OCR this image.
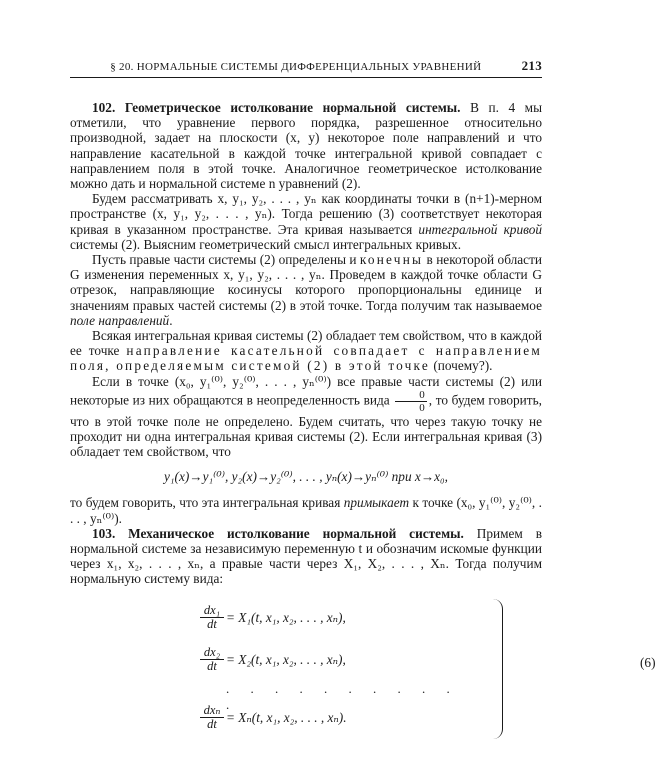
§ 20. НОРМАЛЬНЫЕ СИСТЕМЫ ДИФФЕРЕНЦИАЛЬНЫХ УРАВНЕНИЙ	213

102. Геометрическое истолкование нормальной системы. В п. 4 мы отметили, что уравнение первого порядка, разрешенное относительно производной, задает на плоскости (x, y) некоторое поле направлений и что направление касательной в каждой точке интегральной кривой совпадает с направлением поля в этой точке. Аналогичное геометрическое истолкование можно дать и нормальной системе n уравнений (2).

Будем рассматривать x, y₁, y₂, . . . , yₙ как координаты точки в (n+1)-мерном пространстве (x, y₁, y₂, . . . , yₙ). Тогда решению (3) соответствует некоторая кривая в указанном пространстве. Эта кривая называется интегральной кривой системы (2). Выясним геометрический смысл интегральных кривых.

Пусть правые части системы (2) определены и конечны в некоторой области G изменения переменных x, y₁, y₂, . . . , yₙ. Проведем в каждой точке области G отрезок, направляющие косинусы которого пропорциональны единице и значениям правых частей системы (2) в этой точке. Тогда получим так называемое поле направлений.

Всякая интегральная кривая системы (2) обладает тем свойством, что в каждой ее точке направление касательной совпадает с направлением поля, определяемым системой (2) в этой точке (почему?).

Если в точке (x₀, y₁⁽⁰⁾, y₂⁽⁰⁾, . . . , yₙ⁽⁰⁾) все правые части системы (2) или некоторые из них обращаются в неопределенность вида $\frac{0}{0}$ , то будем говорить, что в этой точке поле не определено. Будем считать, что через такую точку не проходит ни одна интегральная кривая системы (2). Если интегральная кривая (3) обладает тем свойством, что

y₁(x)→y₁⁽⁰⁾, y₂(x)→y₂⁽⁰⁾, . . . , yₙ(x)→yₙ⁽⁰⁾ при x→x₀,

то будем говорить, что эта интегральная кривая примыкает к точке (x₀, y₁⁽⁰⁾, y₂⁽⁰⁾, . . . , yₙ⁽⁰⁾).

103. Механическое истолкование нормальной системы. Примем в нормальной системе за независимую переменную t и обозначим искомые функции через x₁, x₂, . . . , xₙ, а правые части через X₁, X₂, . . . , Xₙ. Тогда получим нормальную систему вида:

$\frac{\text{dx₁}}{dt} = X_1(t$, x₁, x₂, . . . , xₙ),
$\frac{\text{dx₂}}{dt} = X_2(t$, x₁, x₂, . . . , xₙ),
. . . . . . . . . . .
dxₙ
dt = Xₙ(t, x₁, x₂, . . . , xₙ).
(6)
